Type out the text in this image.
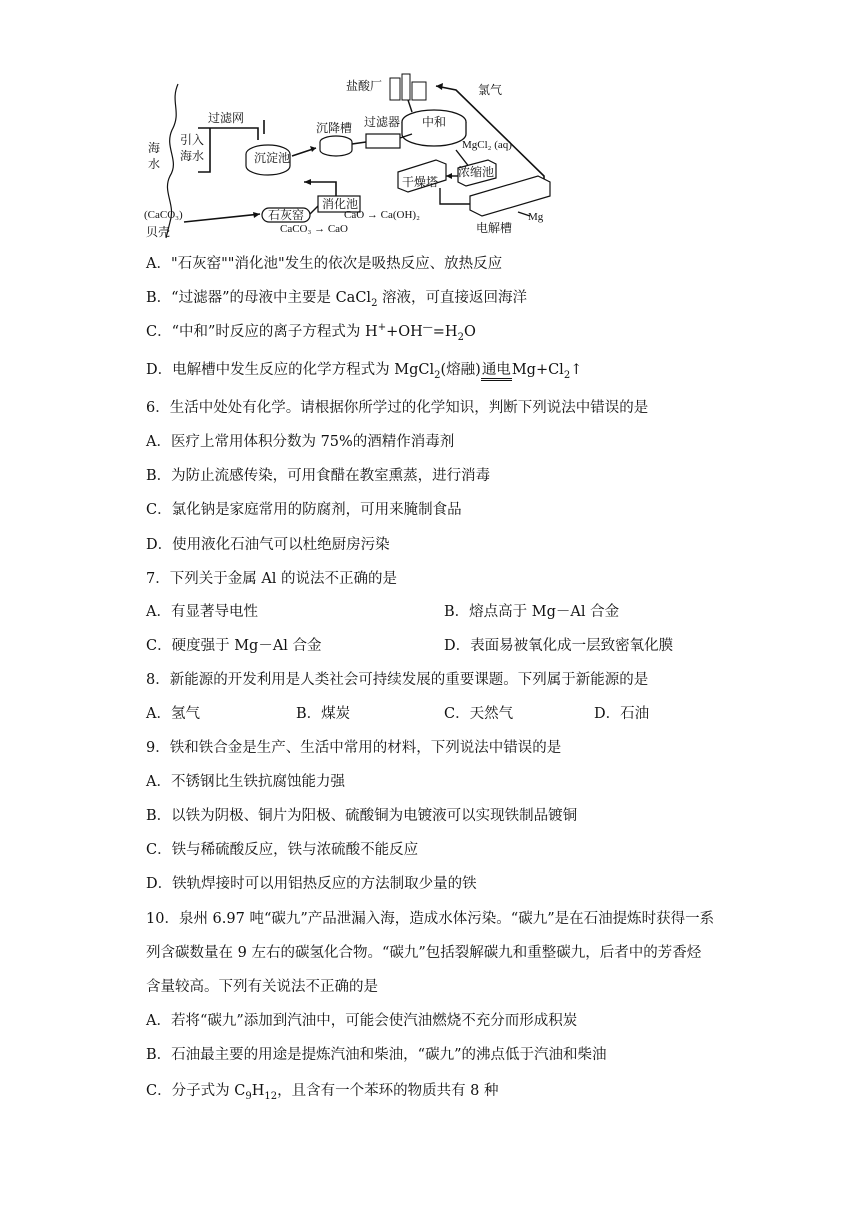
盐酸厂	氯气
过滤网
引入
海水
海
水	沉淀池
沉降槽 过滤器 中和
MgCl₂ (aq)
干燥塔
浓缩池
电解槽
Mg
(CaCO₃)
贝壳
石灰窑
消化池
CaCO₃ → CaO
CaO → Ca(OH)₂
A．"石灰窑""消化池"发生的依次是吸热反应、放热反应
B．“过滤器”的母液中主要是 CaCl$_2$ 溶液，可直接返回海洋
C．“中和”时反应的离子方程式为 $H^++OH^—=H_2O$
D．电解槽中发生反应的化学方程式为 MgCl$_2$(熔融)通电$Mg+Cl_2↑$
6．生活中处处有化学。请根据你所学过的化学知识，判断下列说法中错误的是
A．医疗上常用体积分数为 75%的酒精作消毒剂
B．为防止流感传染，可用食醋在教室熏蒸，进行消毒
C．氯化钠是家庭常用的防腐剂，可用来腌制食品
D．使用液化石油气可以杜绝厨房污染
7．下列关于金属 Al 的说法不正确的是
A．有显著导电性	B．熔点高于 Mg－Al 合金
C．硬度强于 Mg－Al 合金	D．表面易被氧化成一层致密氧化膜
8．新能源的开发利用是人类社会可持续发展的重要课题。下列属于新能源的是
A．氢气	B．煤炭	C．天然气	D．石油
9．铁和铁合金是生产、生活中常用的材料，下列说法中错误的是
A．不锈钢比生铁抗腐蚀能力强
B．以铁为阴极、铜片为阳极、硫酸铜为电镀液可以实现铁制品镀铜
C．铁与稀硫酸反应，铁与浓硫酸不能反应
D．铁轨焊接时可以用铝热反应的方法制取少量的铁
10．泉州 6.97 吨“碳九”产品泄漏入海，造成水体污染。“碳九”是在石油提炼时获得一系
列含碳数量在 9 左右的碳氢化合物。“碳九”包括裂解碳九和重整碳九，后者中的芳香烃
含量较高。下列有关说法不正确的是
A．若将“碳九”添加到汽油中，可能会使汽油燃烧不充分而形成积炭
B．石油最主要的用途是提炼汽油和柴油，“碳九”的沸点低于汽油和柴油
C．分子式为 $C_9H_{12}$，且含有一个苯环的物质共有 8 种
